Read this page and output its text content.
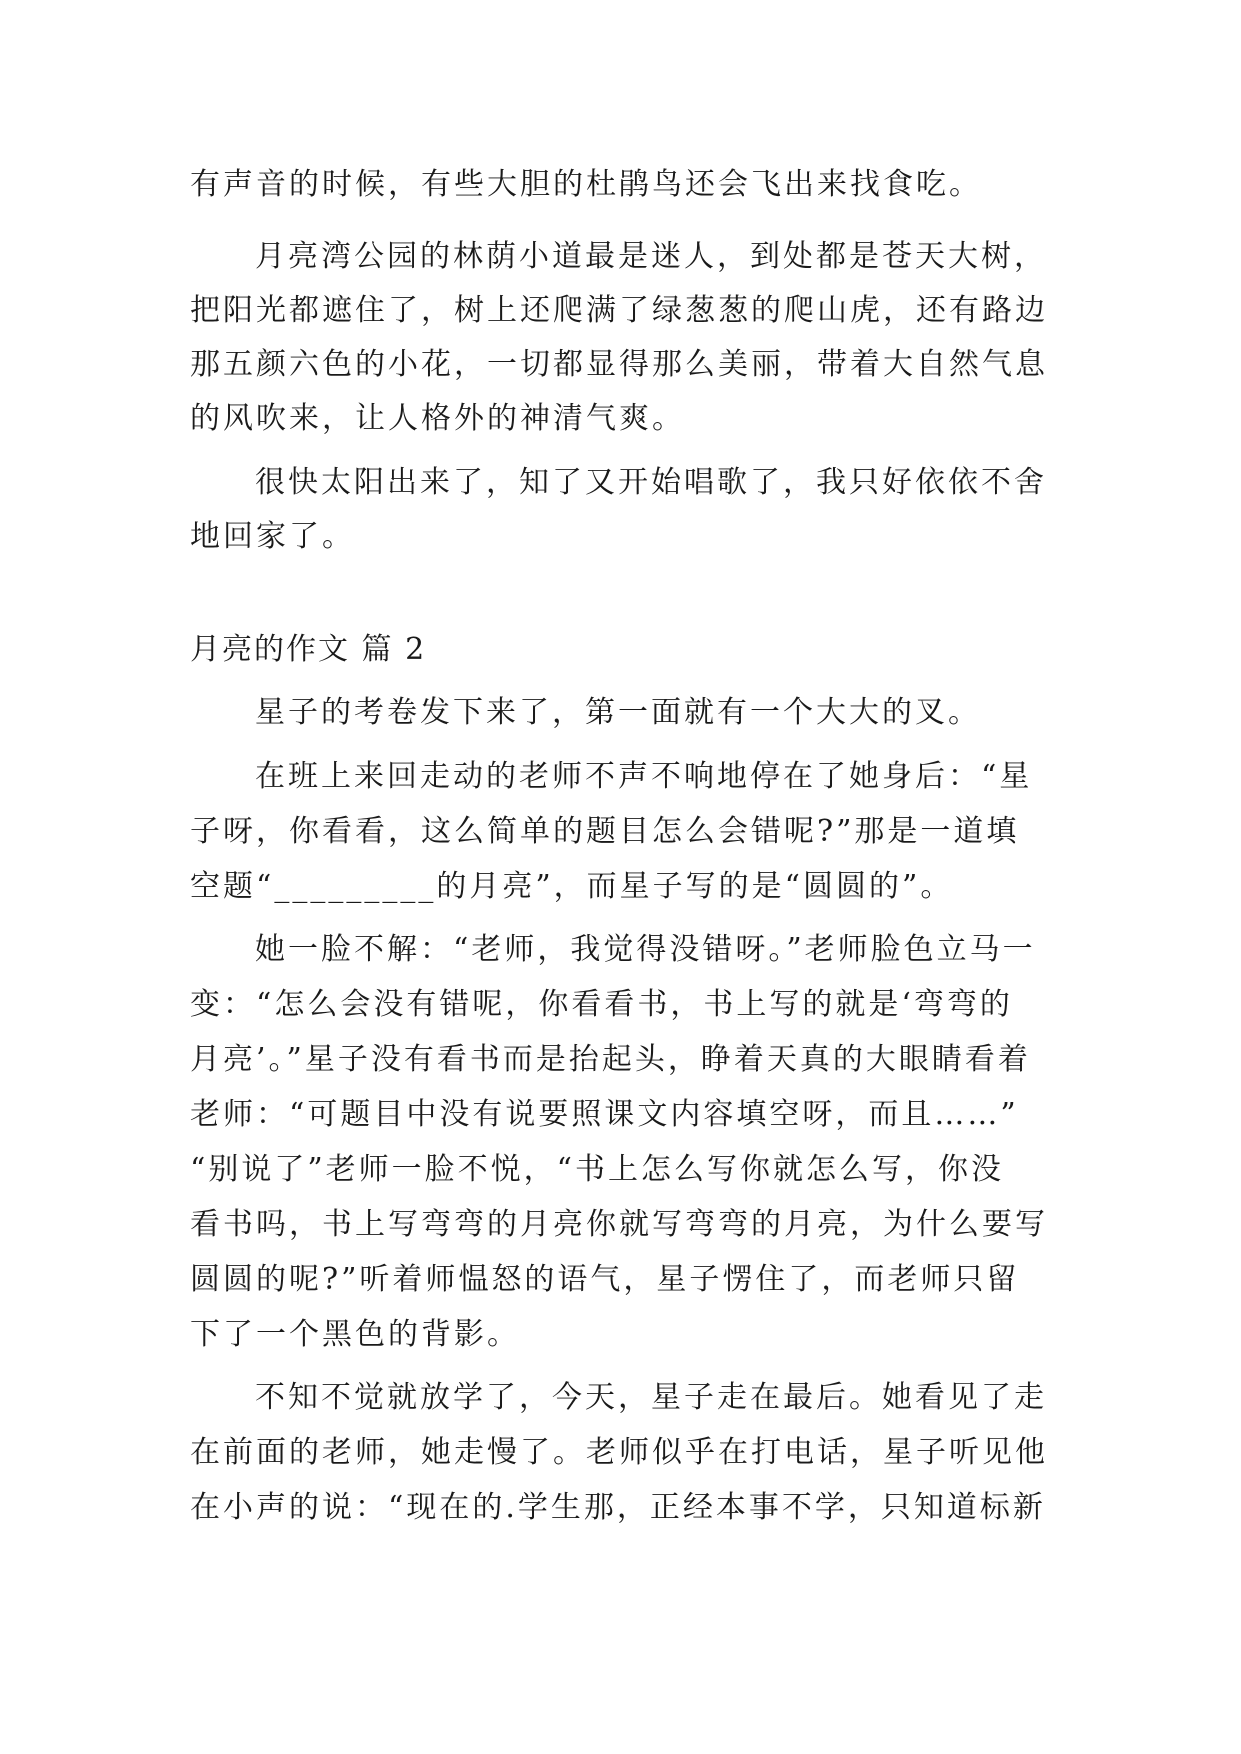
有声音的时候，有些大胆的杜鹃鸟还会飞出来找食吃。
月亮湾公园的林荫小道最是迷人，到处都是苍天大树，
把阳光都遮住了，树上还爬满了绿葱葱的爬山虎，还有路边
那五颜六色的小花，一切都显得那么美丽，带着大自然气息
的风吹来，让人格外的神清气爽。
很快太阳出来了，知了又开始唱歌了，我只好依依不舍
地回家了。
月亮的作文 篇 2
星子的考卷发下来了，第一面就有一个大大的叉。
在班上来回走动的老师不声不响地停在了她身后：“星
子呀，你看看，这么简单的题目怎么会错呢?”那是一道填
空题“_________的月亮”，而星子写的是“圆圆的”。
她一脸不解：“老师，我觉得没错呀。”老师脸色立马一
变：“怎么会没有错呢，你看看书，书上写的就是‘弯弯的
月亮’。”星子没有看书而是抬起头，睁着天真的大眼睛看着
老师：“可题目中没有说要照课文内容填空呀，而且……”
“别说了”老师一脸不悦，“书上怎么写你就怎么写，你没
看书吗，书上写弯弯的月亮你就写弯弯的月亮，为什么要写
圆圆的呢?”听着师愠怒的语气，星子愣住了，而老师只留
下了一个黑色的背影。
不知不觉就放学了，今天，星子走在最后。她看见了走
在前面的老师，她走慢了。老师似乎在打电话，星子听见他
在小声的说：“现在的.学生那，正经本事不学，只知道标新
